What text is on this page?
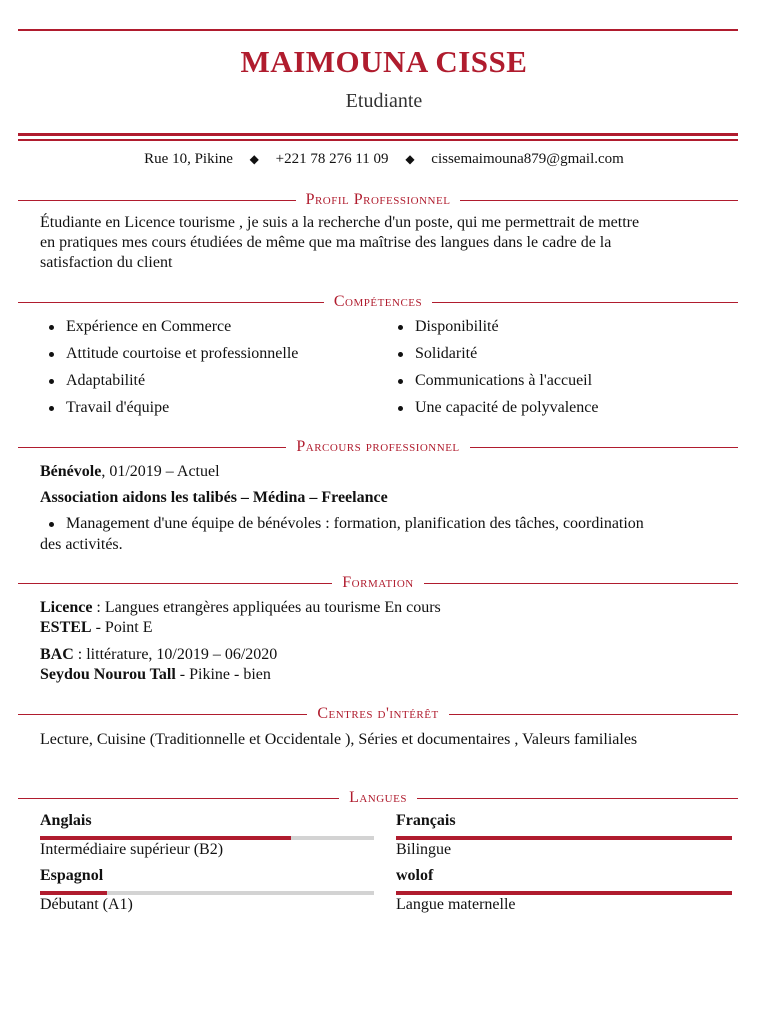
MAIMOUNA CISSE
Etudiante
Rue 10, Pikine ◆ +221 78 276 11 09 ◆ cissemaimouna879@gmail.com
Profil Professionnel
Étudiante en Licence tourisme , je suis a la recherche d'un poste, qui me permettrait de mettre
en pratiques mes cours étudiées de même que ma maîtrise des langues dans le cadre de la
satisfaction du client
Compétences
Expérience en Commerce
Attitude courtoise et professionnelle
Adaptabilité
Travail d'équipe
Disponibilité
Solidarité
Communications à l'accueil
Une capacité de polyvalence
Parcours professionnel
Bénévole, 01/2019 – Actuel
Association aidons les talibés – Médina – Freelance
Management d'une équipe de bénévoles : formation, planification des tâches, coordination
des activités.
Formation
Licence : Langues etrangères appliquées au tourisme En cours
ESTEL - Point E
BAC : littérature, 10/2019 – 06/2020
Seydou Nourou Tall - Pikine - bien
Centres d'intérêt
Lecture, Cuisine (Traditionnelle et Occidentale ), Séries et documentaires , Valeurs familiales
Langues
Anglais
Intermédiaire supérieur (B2)
Français
Bilingue
Espagnol
Débutant (A1)
wolof
Langue maternelle
